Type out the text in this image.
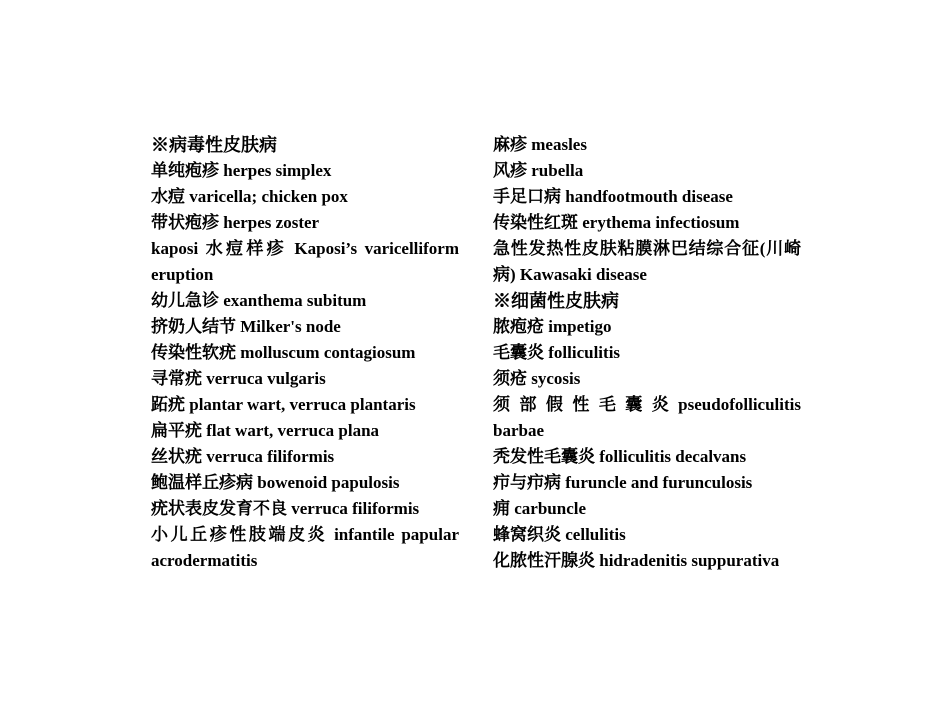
※病毒性皮肤病
单纯疱疹 herpes simplex
水痘 varicella; chicken pox
带状疱疹 herpes zoster
kaposi 水痘样疹 Kaposi’s varicelliform
eruption
幼儿急诊 exanthema subitum
挤奶人结节 Milker's node
传染性软疣 molluscum contagiosum
寻常疣 verruca vulgaris
跖疣 plantar wart, verruca plantaris
扁平疣 flat wart, verruca plana
丝状疣 verruca filiformis
鲍温样丘疹病 bowenoid papulosis
疣状表皮发育不良 verruca filiformis
小儿丘疹性肢端皮炎 infantile papular
acrodermatitis
麻疹 measles
风疹 rubella
手足口病 handfootmouth disease
传染性红斑 erythema infectiosum
急性发热性皮肤粘膜淋巴结综合征(川崎
病) Kawasaki disease
※细菌性皮肤病
脓疱疮 impetigo
毛囊炎 folliculitis
须疮 sycosis
须 部 假 性 毛 囊 炎 pseudofolliculitis
barbae
秃发性毛囊炎 folliculitis decalvans
疖与疖病 furuncle and furunculosis
痈 carbuncle
蜂窝织炎 cellulitis
化脓性汗腺炎 hidradenitis suppurativa
